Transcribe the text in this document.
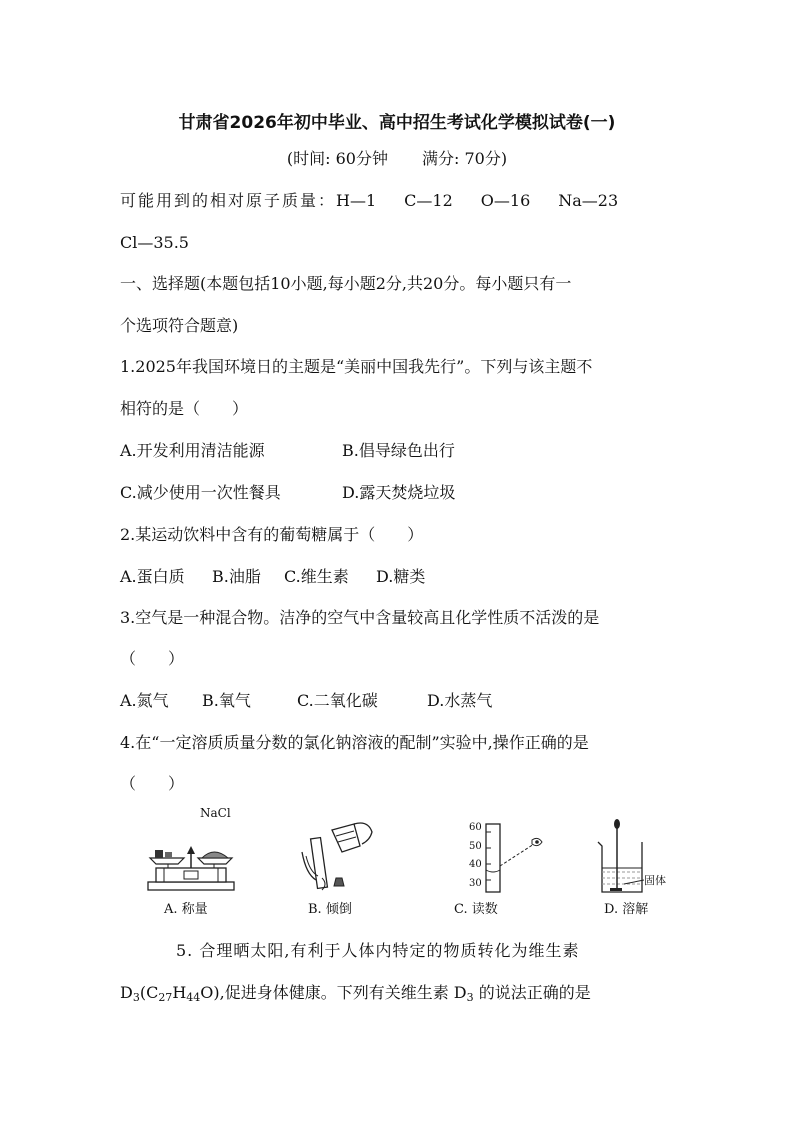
甘肃省2026年初中毕业、高中招生考试化学模拟试卷(一)
(时间: 60分钟 满分: 70分)
可能用到的相对原子质量：H—1 C—12 O—16 Na—23
Cl—35.5
一、选择题(本题包括10小题,每小题2分,共20分。每小题只有一
个选项符合题意)
1.2025年我国环境日的主题是“美丽中国我先行”。下列与该主题不
相符的是（　　）
A.开发利用清洁能源	B.倡导绿色出行
C.减少使用一次性餐具	D.露天焚烧垃圾
2.某运动饮料中含有的葡萄糖属于（　　）
A.蛋白质 B.油脂 C.维生素 D.糖类
3.空气是一种混合物。洁净的空气中含量较高且化学性质不活泼的是
（　　）
A.氮气 B.氧气	C.二氧化碳	D.水蒸气
4.在“一定溶质质量分数的氯化钠溶液的配制”实验中,操作正确的是
（　　）
NaCl
A. 称量	B. 倾倒
60
50
40
30
C. 读数
固体
D. 溶解
5. 合理晒太阳,有利于人体内特定的物质转化为维生素
$D_3(C_{27}H_{44}O)$,促进身体健康。下列有关维生素 $D_3$ 的说法正确的是
